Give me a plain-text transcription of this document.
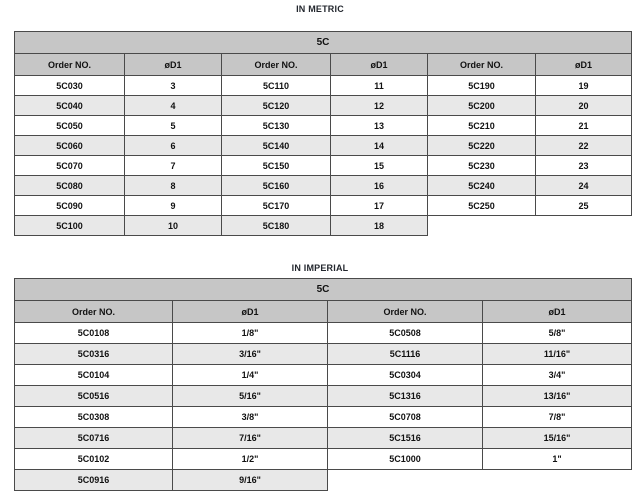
IN METRIC
5C					
Order NO.	øD1	Order NO.	øD1	Order NO.	øD1
5C030	3	5C110	11	5C190	19
5C040	4	5C120	12	5C200	20
5C050	5	5C130	13	5C210	21
5C060	6	5C140	14	5C220	22
5C070	7	5C150	15	5C230	23
5C080	8	5C160	16	5C240	24
5C090	9	5C170	17	5C250	25
5C100	10	5C180	18		
IN IMPERIAL
5C			
Order NO.	øD1	Order NO.	øD1
5C0108	1/8"	5C0508	5/8"
5C0316	3/16"	5C1116	11/16"
5C0104	1/4"	5C0304	3/4"
5C0516	5/16"	5C1316	13/16"
5C0308	3/8"	5C0708	7/8"
5C0716	7/16"	5C1516	15/16"
5C0102	1/2"	5C1000	1"
5C0916	9/16"		
